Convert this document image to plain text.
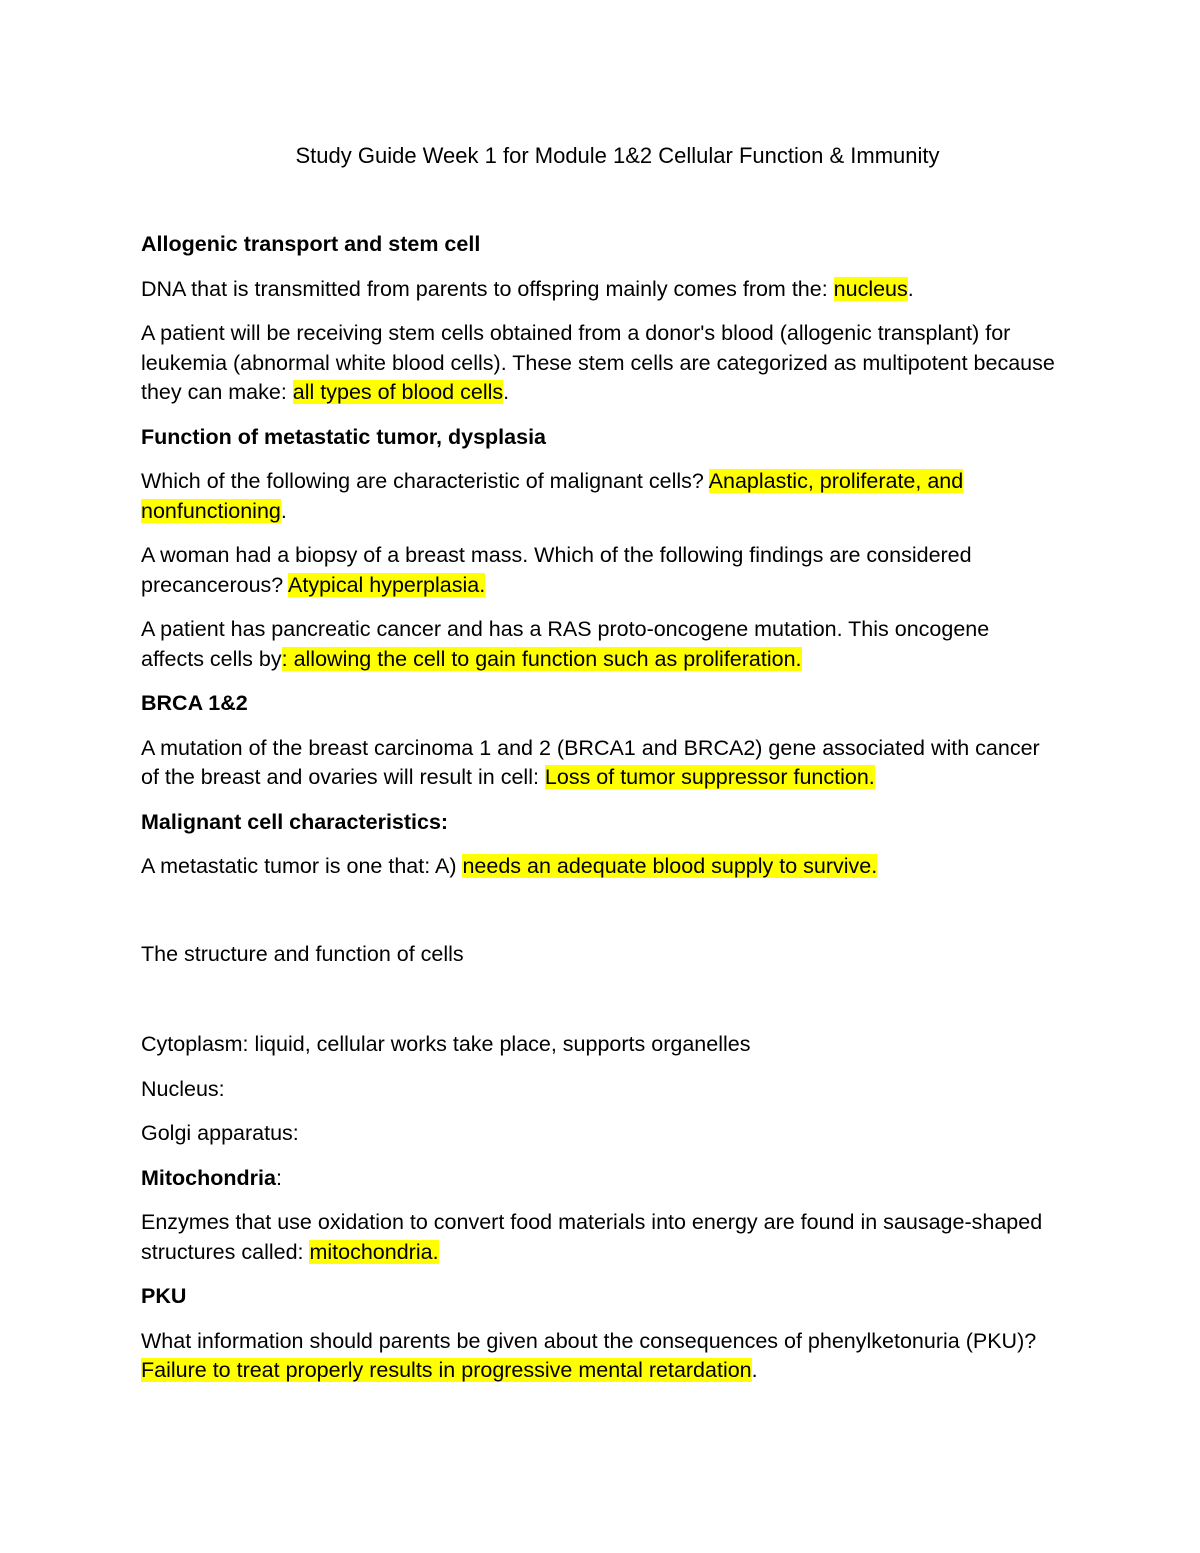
Study Guide Week 1 for Module 1&2 Cellular Function & Immunity
Allogenic transport and stem cell
DNA that is transmitted from parents to offspring mainly comes from the: nucleus.
A patient will be receiving stem cells obtained from a donor's blood (allogenic transplant) for leukemia (abnormal white blood cells). These stem cells are categorized as multipotent because they can make: all types of blood cells.
Function of metastatic tumor, dysplasia
Which of the following are characteristic of malignant cells? Anaplastic, proliferate, and nonfunctioning.
A woman had a biopsy of a breast mass. Which of the following findings are considered precancerous? Atypical hyperplasia.
A patient has pancreatic cancer and has a RAS proto-oncogene mutation. This oncogene affects cells by: allowing the cell to gain function such as proliferation.
BRCA 1&2
A mutation of the breast carcinoma 1 and 2 (BRCA1 and BRCA2) gene associated with cancer of the breast and ovaries will result in cell: Loss of tumor suppressor function.
Malignant cell characteristics:
A metastatic tumor is one that: A) needs an adequate blood supply to survive.
The structure and function of cells
Cytoplasm: liquid, cellular works take place, supports organelles
Nucleus:
Golgi apparatus:
Mitochondria:
Enzymes that use oxidation to convert food materials into energy are found in sausage-shaped structures called: mitochondria.
PKU
What information should parents be given about the consequences of phenylketonuria (PKU)? Failure to treat properly results in progressive mental retardation.
